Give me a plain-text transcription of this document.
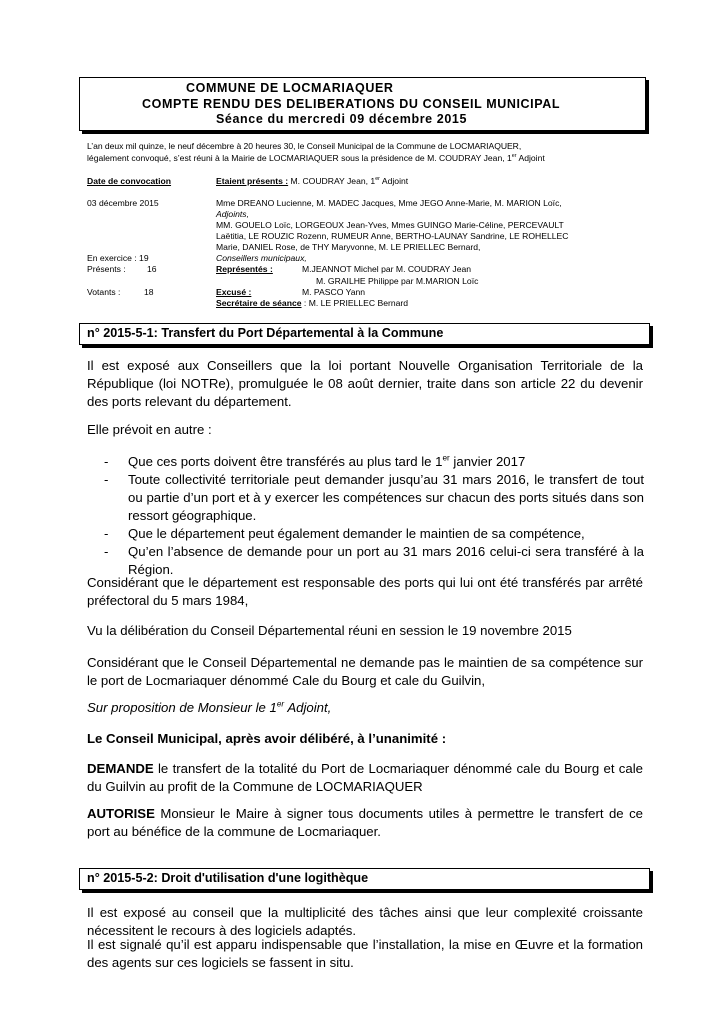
COMMUNE DE LOCMARIAQUER
COMPTE RENDU DES DELIBERATIONS DU CONSEIL MUNICIPAL
Séance du mercredi 09 décembre 2015
L’an deux mil quinze, le neuf décembre à 20 heures 30, le Conseil Municipal de la Commune de LOCMARIAQUER,
légalement convoqué, s’est réuni à la Mairie de LOCMARIAQUER sous la présidence de M. COUDRAY Jean, 1er Adjoint
Date de convocation	Etaient présents : M. COUDRAY Jean, 1er Adjoint
03 décembre 2015	Mme DREANO Lucienne, M. MADEC Jacques, Mme JEGO Anne-Marie, M. MARION Loïc,
Adjoints,
MM. GOUELO Loïc, LORGEOUX Jean-Yves, Mmes GUINGO Marie-Céline, PERCEVAULT
Laëtitia, LE ROUZIC Rozenn, RUMEUR Anne, BERTHO-LAUNAY Sandrine, LE ROHELLEC
Marie, DANIEL Rose, de THY Maryvonne, M. LE PRIELLEC Bernard,
En exercice : 19	Conseillers municipaux,
Présents : 16	Représentés :	M.JEANNOT Michel par M. COUDRAY Jean
M. GRAILHE Philippe par M.MARION Loïc
Votants :	18	Excusé :	M. PASCO Yann
Secrétaire de séance : M. LE PRIELLEC Bernard
n° 2015-5-1: Transfert du Port Départemental à la Commune
Il est exposé aux Conseillers que la loi portant Nouvelle Organisation Territoriale de la République (loi NOTRe), promulguée le 08 août dernier, traite dans son article 22 du devenir des ports relevant du département.
Elle prévoit en autre :
- Que ces ports doivent être transférés au plus tard le 1er janvier 2017
- Toute collectivité territoriale peut demander jusqu’au 31 mars 2016, le transfert de tout ou partie d’un port et à y exercer les compétences sur chacun des ports situés dans son ressort géographique.
- Que le département peut également demander le maintien de sa compétence,
- Qu’en l’absence de demande pour un port au 31 mars 2016 celui-ci sera transféré à la Région.
Considérant que le département est responsable des ports qui lui ont été transférés par arrêté préfectoral du 5 mars 1984,
Vu la délibération du Conseil Départemental réuni en session le 19 novembre 2015
Considérant que le Conseil Départemental ne demande pas le maintien de sa compétence sur le port de Locmariaquer dénommé Cale du Bourg et cale du Guilvin,
Sur proposition de Monsieur le 1er Adjoint,
Le Conseil Municipal, après avoir délibéré, à l’unanimité :
DEMANDE le transfert de la totalité du Port de Locmariaquer dénommé cale du Bourg et cale du Guilvin au profit de la Commune de LOCMARIAQUER
AUTORISE Monsieur le Maire à signer tous documents utiles à permettre le transfert de ce port au bénéfice de la commune de Locmariaquer.
n° 2015-5-2: Droit d'utilisation d'une logithèque
Il est exposé au conseil que la multiplicité des tâches ainsi que leur complexité croissante nécessitent le recours à des logiciels adaptés.
Il est signalé qu’il est apparu indispensable que l’installation, la mise en Œuvre et la formation des agents sur ces logiciels se fassent in situ.
